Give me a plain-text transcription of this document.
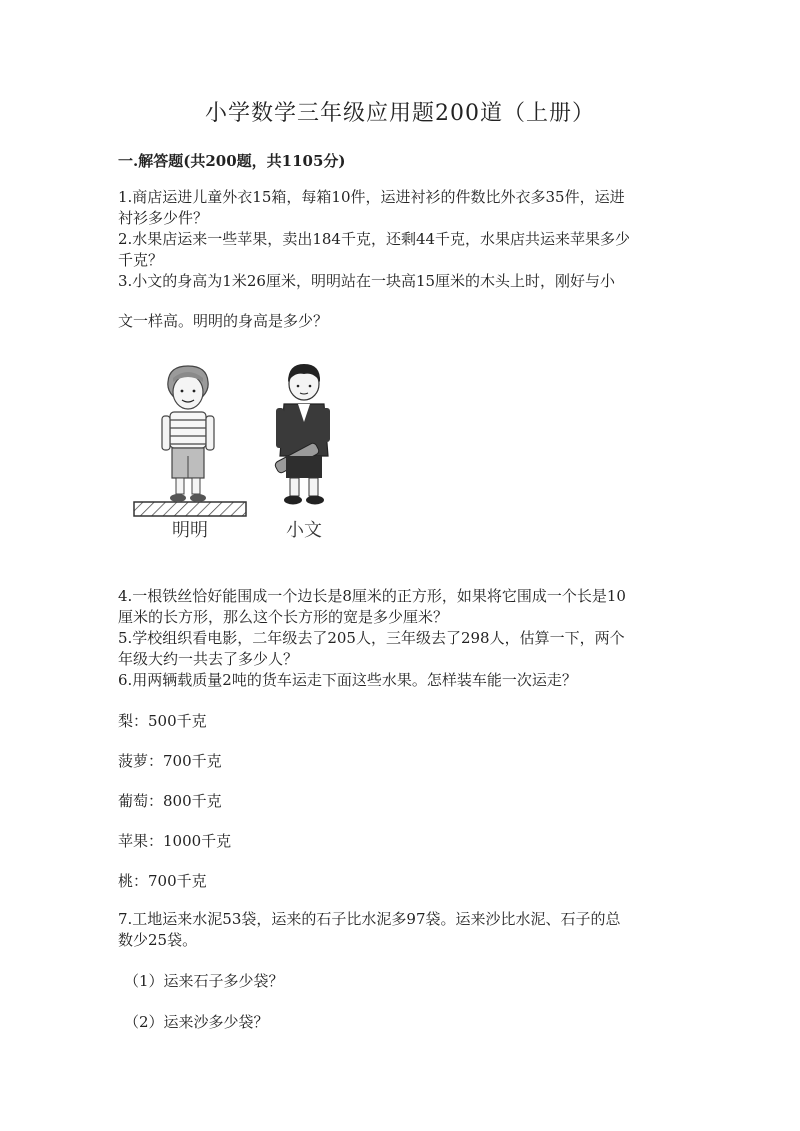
小学数学三年级应用题200道（上册）
一.解答题(共200题，共1105分)
1.商店运进儿童外衣15箱，每箱10件，运进衬衫的件数比外衣多35件，运进
衬衫多少件？
2.水果店运来一些苹果，卖出184千克，还剩44千克，水果店共运来苹果多少
千克？
3.小文的身高为1米26厘米，明明站在一块高15厘米的木头上时，刚好与小
文一样高。明明的身高是多少？
明明	小文
4.一根铁丝恰好能围成一个边长是8厘米的正方形，如果将它围成一个长是10
厘米的长方形，那么这个长方形的宽是多少厘米？
5.学校组织看电影，二年级去了205人，三年级去了298人，估算一下，两个
年级大约一共去了多少人？
6.用两辆载质量2吨的货车运走下面这些水果。怎样装车能一次运走？
梨：500千克
菠萝：700千克
葡萄：800千克
苹果：1000千克
桃：700千克
7.工地运来水泥53袋，运来的石子比水泥多97袋。运来沙比水泥、石子的总
数少25袋。
（1）运来石子多少袋？
（2）运来沙多少袋？
